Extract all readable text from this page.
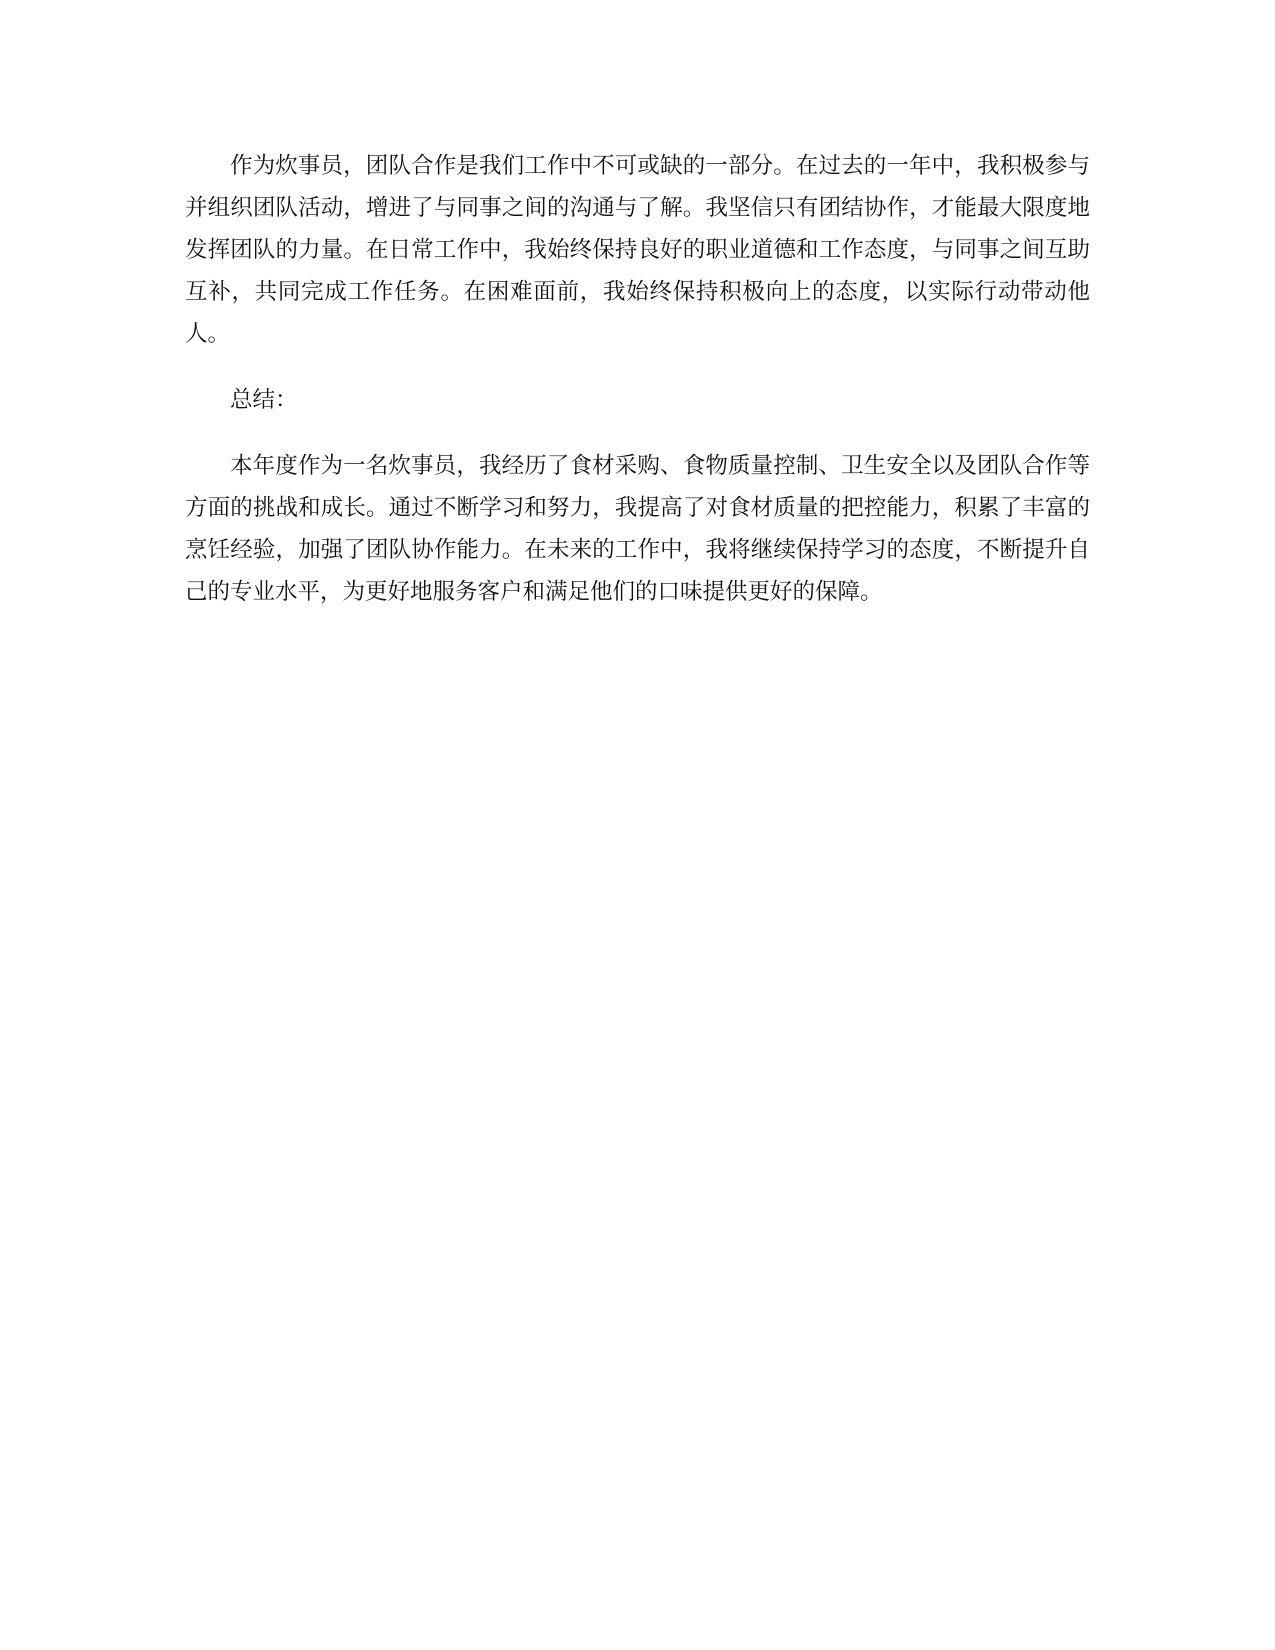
作为炊事员，团队合作是我们工作中不可或缺的一部分。在过去的一年中，我积极参与并组织团队活动，增进了与同事之间的沟通与了解。我坚信只有团结协作，才能最大限度地发挥团队的力量。在日常工作中，我始终保持良好的职业道德和工作态度，与同事之间互助互补，共同完成工作任务。在困难面前，我始终保持积极向上的态度，以实际行动带动他人。

总结：

本年度作为一名炊事员，我经历了食材采购、食物质量控制、卫生安全以及团队合作等方面的挑战和成长。通过不断学习和努力，我提高了对食材质量的把控能力，积累了丰富的烹饪经验，加强了团队协作能力。在未来的工作中，我将继续保持学习的态度，不断提升自己的专业水平，为更好地服务客户和满足他们的口味提供更好的保障。
